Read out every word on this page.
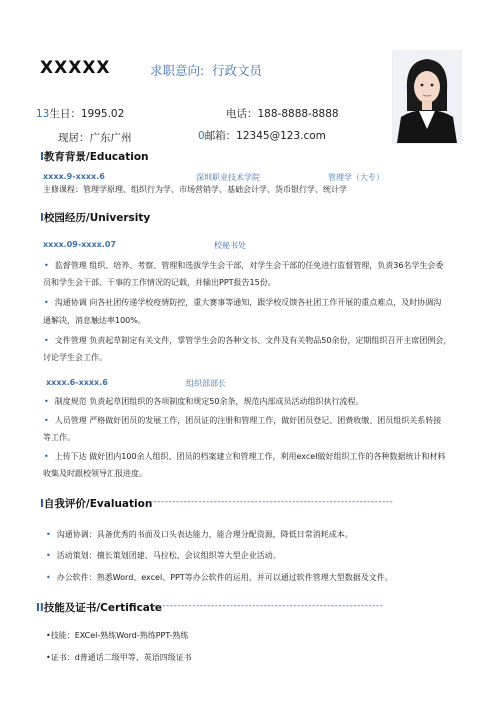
XXXXX	求职意向: 行政文员
13生日：1995.02	电话：188-8888-8888
现居：广东广州	0邮箱：12345@123.com
I教育背景/Education
xxxx.9-xxxx.6	深圳职业技术学院	管理学（大专）
主修课程：管理学原理、组织行为学、市场营销学、基础会计学、货币银行学、统计学
I校园经历/University
xxxx.09-xxxx.07	校秘书处
• 监督管理 组织、培养、考察、管理和选拔学生会干部，对学生会干部的任免进行监督管理，负责36名学生会委
员和学生会干部、干事的工作情况的记载，并输出PPT报告15份。
• 沟通协调 向各社团传递学校疫情防控，重大赛事等通知，跟学校反馈各社团工作开展的重点难点，及时协调沟
通解决，消息触达率100%。
• 文件管理 负责起草制定有关文件，掌管学生会的各种文书、文件及有关物品50余份，定期组织召开主席团例会，
讨论学生会工作。
xxxx.6-xxxx.6	组织部部长
• 制度规范 负责起草团组织的各项制度和规定50余条，规范内部成员活动组织执行流程。
• 人员管理 严格做好团员的发展工作，团员证的注册和管理工作，做好团员登记、团费收缴、团员组织关系转接
等工作。
• 上传下达 做好团内100余人组织、团员的档案建立和管理工作，利用excel做好组织工作的各种数据统计和材料
收集及时跟校领导汇报进度。
I自我评价/Evaluation
------------------------------------------------------------------
• 沟通协调：具备优秀的书面及口头表达能力，能合理分配资源，降低日常消耗成本。
• 活动策划：擅长策划团建、马拉松、会议组织等大型企业活动。
• 办公软件：熟悉Word、excel、PPT等办公软件的运用，并可以通过软件管理大型数据及文件。
II技能及证书/Certificate
--------------------------------------------------------------
•技能：EXCel-熟练Word-熟练PPT-熟练
•证书：d普通话二级甲等、英语四级证书
